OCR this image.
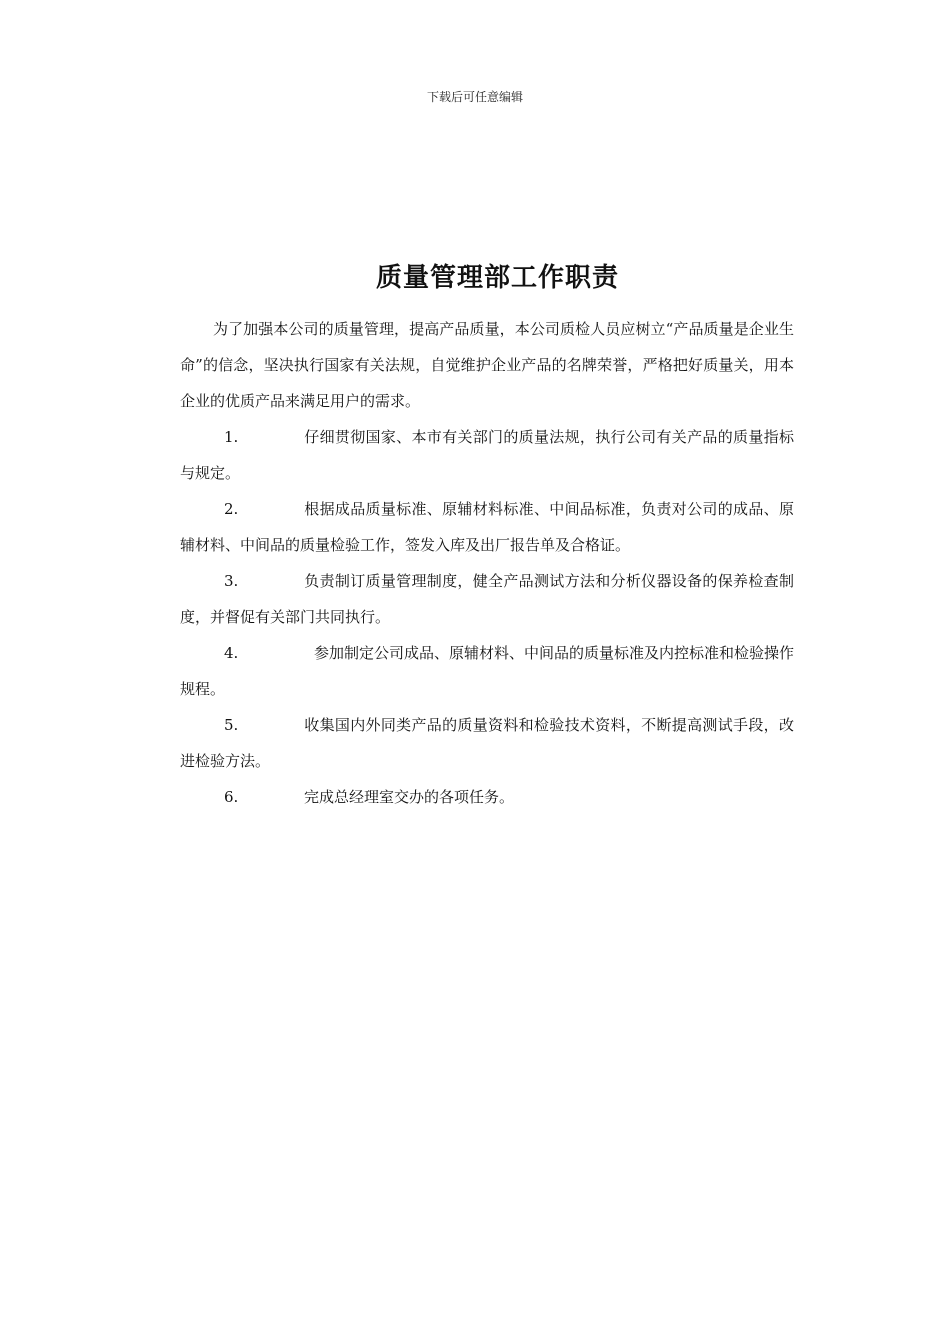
下载后可任意编辑
质量管理部工作职责

为了加强本公司的质量管理，提高产品质量，本公司质检人员应树立“产品质量是企业生命”的信念，坚决执行国家有关法规，自觉维护企业产品的名牌荣誉，严格把好质量关，用本企业的优质产品来满足用户的需求。

1.	仔细贯彻国家、本市有关部门的质量法规，执行公司有关产品的质量指标与规定。

2.	根据成品质量标准、原辅材料标准、中间品标准，负责对公司的成品、原辅材料、中间品的质量检验工作，签发入库及出厂报告单及合格证。

3.	负责制订质量管理制度，健全产品测试方法和分析仪器设备的保养检查制度，并督促有关部门共同执行。

4.	参加制定公司成品、原辅材料、中间品的质量标准及内控标准和检验操作规程。

5.	收集国内外同类产品的质量资料和检验技术资料，不断提高测试手段，改进检验方法。

6.	完成总经理室交办的各项任务。
